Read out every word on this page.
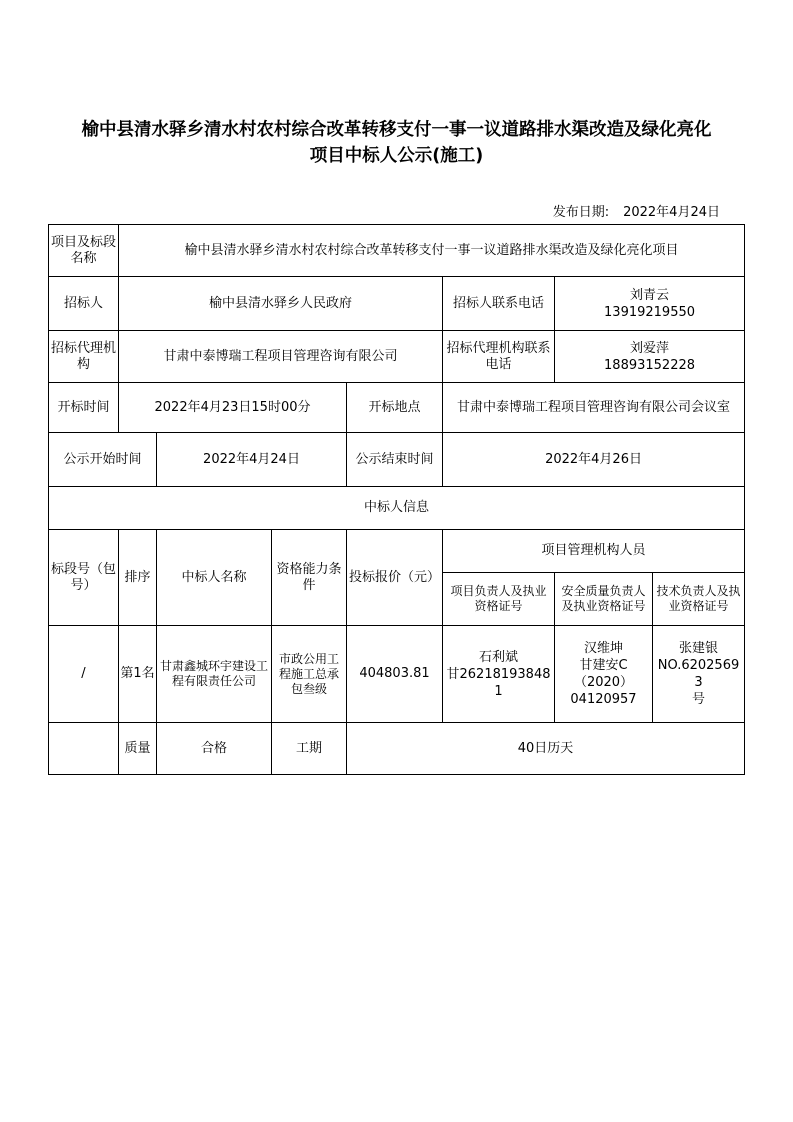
榆中县清水驿乡清水村农村综合改革转移支付一事一议道路排水渠改造及绿化亮化
项目中标人公示(施工)
发布日期: 2022年4月24日
项目及标段名称	榆中县清水驿乡清水村农村综合改革转移支付一事一议道路排水渠改造及绿化亮化项目						
招标人	榆中县清水驿乡人民政府				招标人联系电话	刘青云
13919219550	

招标代理机构	甘肃中泰博瑞工程项目管理咨询有限公司				招标代理机构联系电话	刘爱萍
18893152228	

开标时间	2022年4月23日15时00分			开标地点	甘肃中泰博瑞工程项目管理咨询有限公司会议室		
公示开始时间		2022年4月24日		公示结束时间	2022年4月26日		
中标人信息							
标段号（包号）	排序	中标人名称	资格能力条件	投标报价（元）	项目管理机构人员		
					项目负责人及执业资格证号	安全质量负责人及执业资格证号	技术负责人及执
业资格证号

/	第1名	甘肃鑫城环宇建设工程有限责任公司	市政公用工程施工总承包叁级	404803.81	石利斌
甘262181938481	汉维坤
甘建安C
（2020）
04120957	张建银
NO.62025693
号

	质量	合格	工期	40日历天			
